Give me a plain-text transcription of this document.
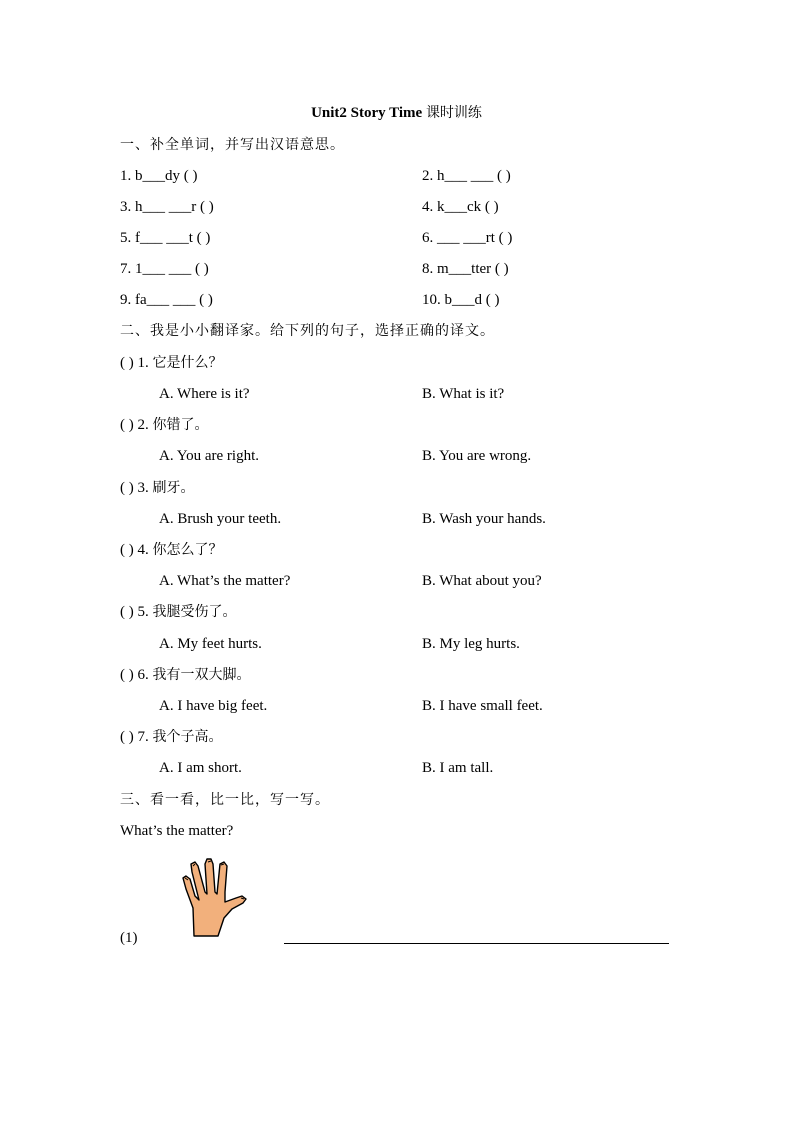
Unit2 Story Time 课时训练
一、补全单词，并写出汉语意思。
1. b___dy ( )	2. h___ ___ ( )
3. h___ ___r ( )	4. k___ck ( )
5. f___ ___t ( )	6. ___ ___rt ( )
7. 1___ ___ ( )	8. m___tter ( )
9. fa___ ___ ( )	10. b___d ( )
二、我是小小翻译家。给下列的句子，选择正确的译文。
( ) 1. 它是什么？
A. Where is it?	B. What is it?
( ) 2. 你错了。
A. You are right.	B. You are wrong.
( ) 3. 刷牙。
A. Brush your teeth.	B. Wash your hands.
( ) 4. 你怎么了？
A. What’s the matter?	B. What about you?
( ) 5. 我腿受伤了。
A. My feet hurts.	B. My leg hurts.
( ) 6. 我有一双大脚。
A. I have big feet.	B. I have small feet.
( ) 7. 我个子高。
A. I am short.	B. I am tall.
三、看一看，比一比，写一写。
What’s the matter?
(1)
